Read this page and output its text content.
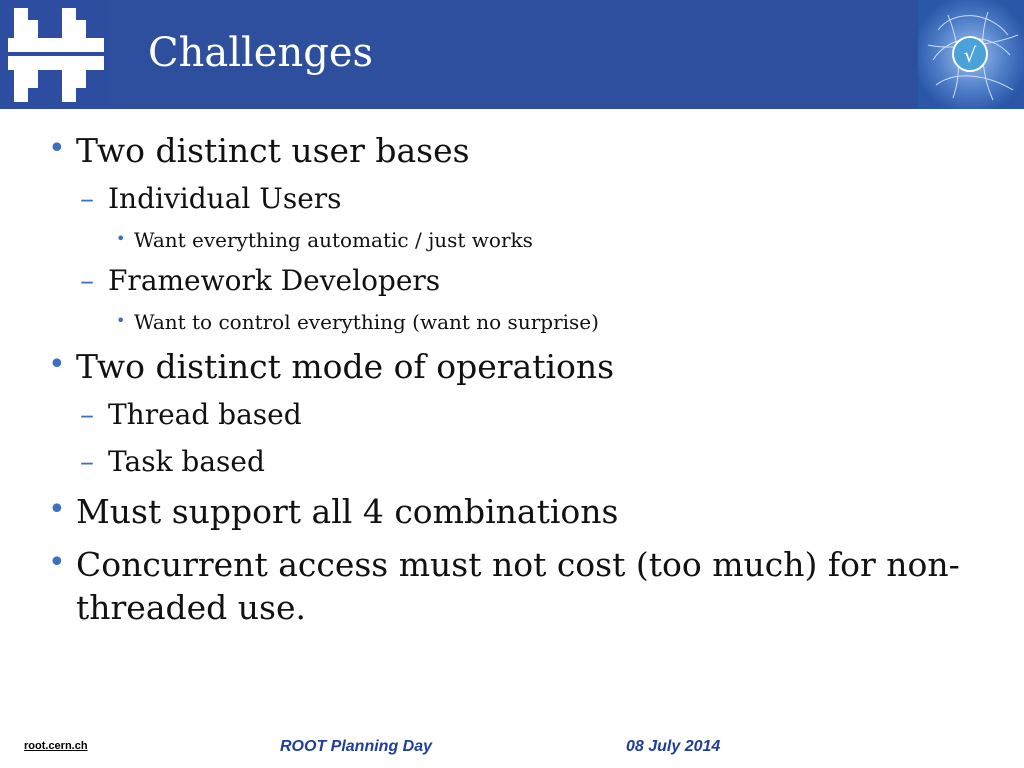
Challenges	√
• Two distinct user bases
– Individual Users
• Want everything automatic / just works
– Framework Developers
• Want to control everything (want no surprise)
• Two distinct mode of operations
– Thread based
– Task based
• Must support all 4 combinations
• Concurrent access must not cost (too much) for non-
threaded use.
root.cern.ch	ROOT Planning Day	08 July 2014
